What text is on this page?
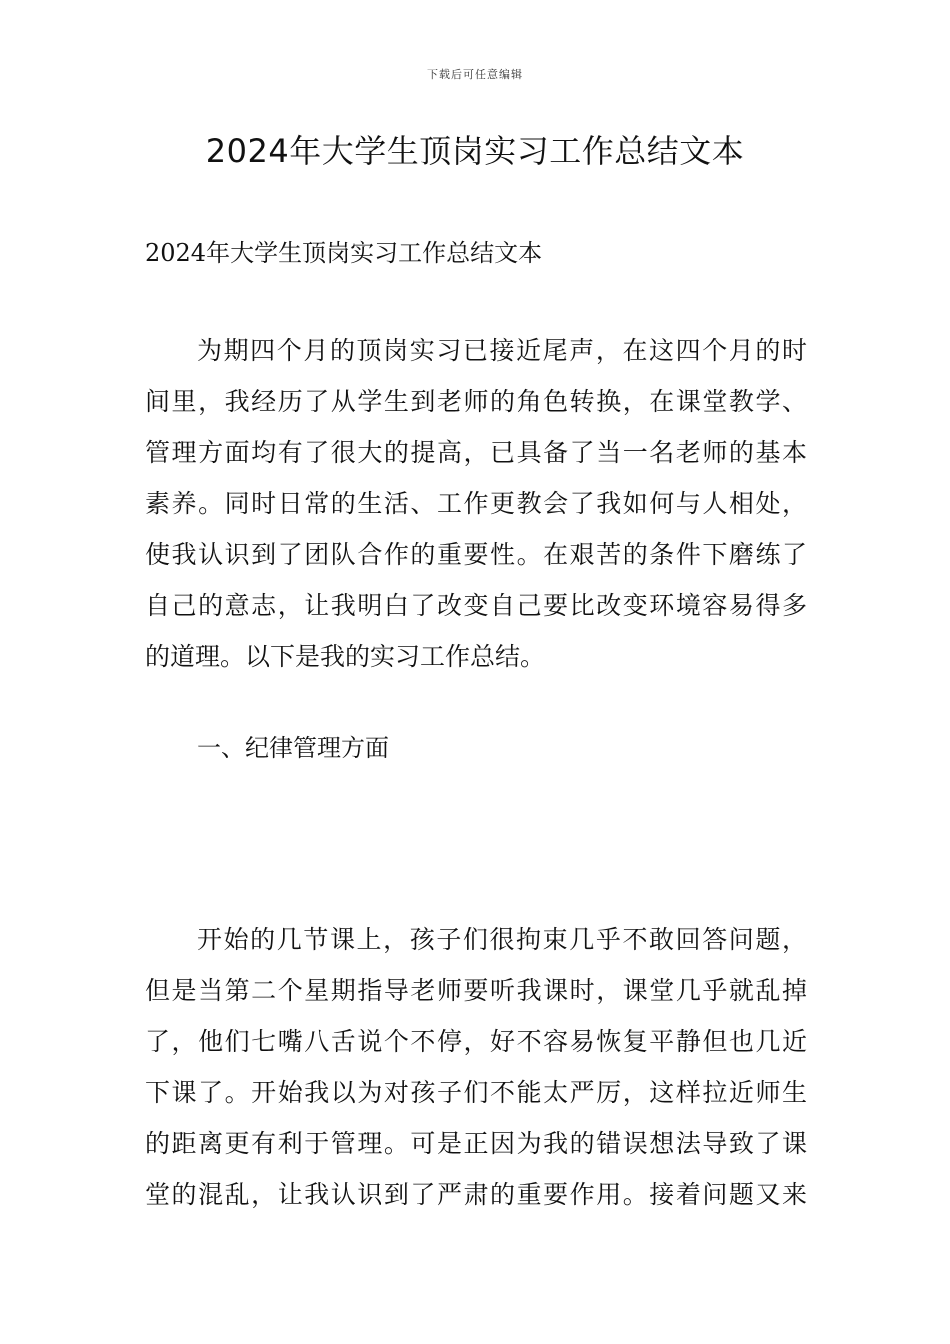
下载后可任意编辑
2024年大学生顶岗实习工作总结文本

2024年大学生顶岗实习工作总结文本

为期四个月的顶岗实习已接近尾声，在这四个月的时
间里，我经历了从学生到老师的角色转换，在课堂教学、
管理方面均有了很大的提高，已具备了当一名老师的基本
素养。同时日常的生活、工作更教会了我如何与人相处，
使我认识到了团队合作的重要性。在艰苦的条件下磨练了
自己的意志，让我明白了改变自己要比改变环境容易得多
的道理。以下是我的实习工作总结。

一、纪律管理方面

开始的几节课上，孩子们很拘束几乎不敢回答问题，
但是当第二个星期指导老师要听我课时，课堂几乎就乱掉
了，他们七嘴八舌说个不停，好不容易恢复平静但也几近
下课了。开始我以为对孩子们不能太严厉，这样拉近师生
的距离更有利于管理。可是正因为我的错误想法导致了课
堂的混乱，让我认识到了严肃的重要作用。接着问题又来
